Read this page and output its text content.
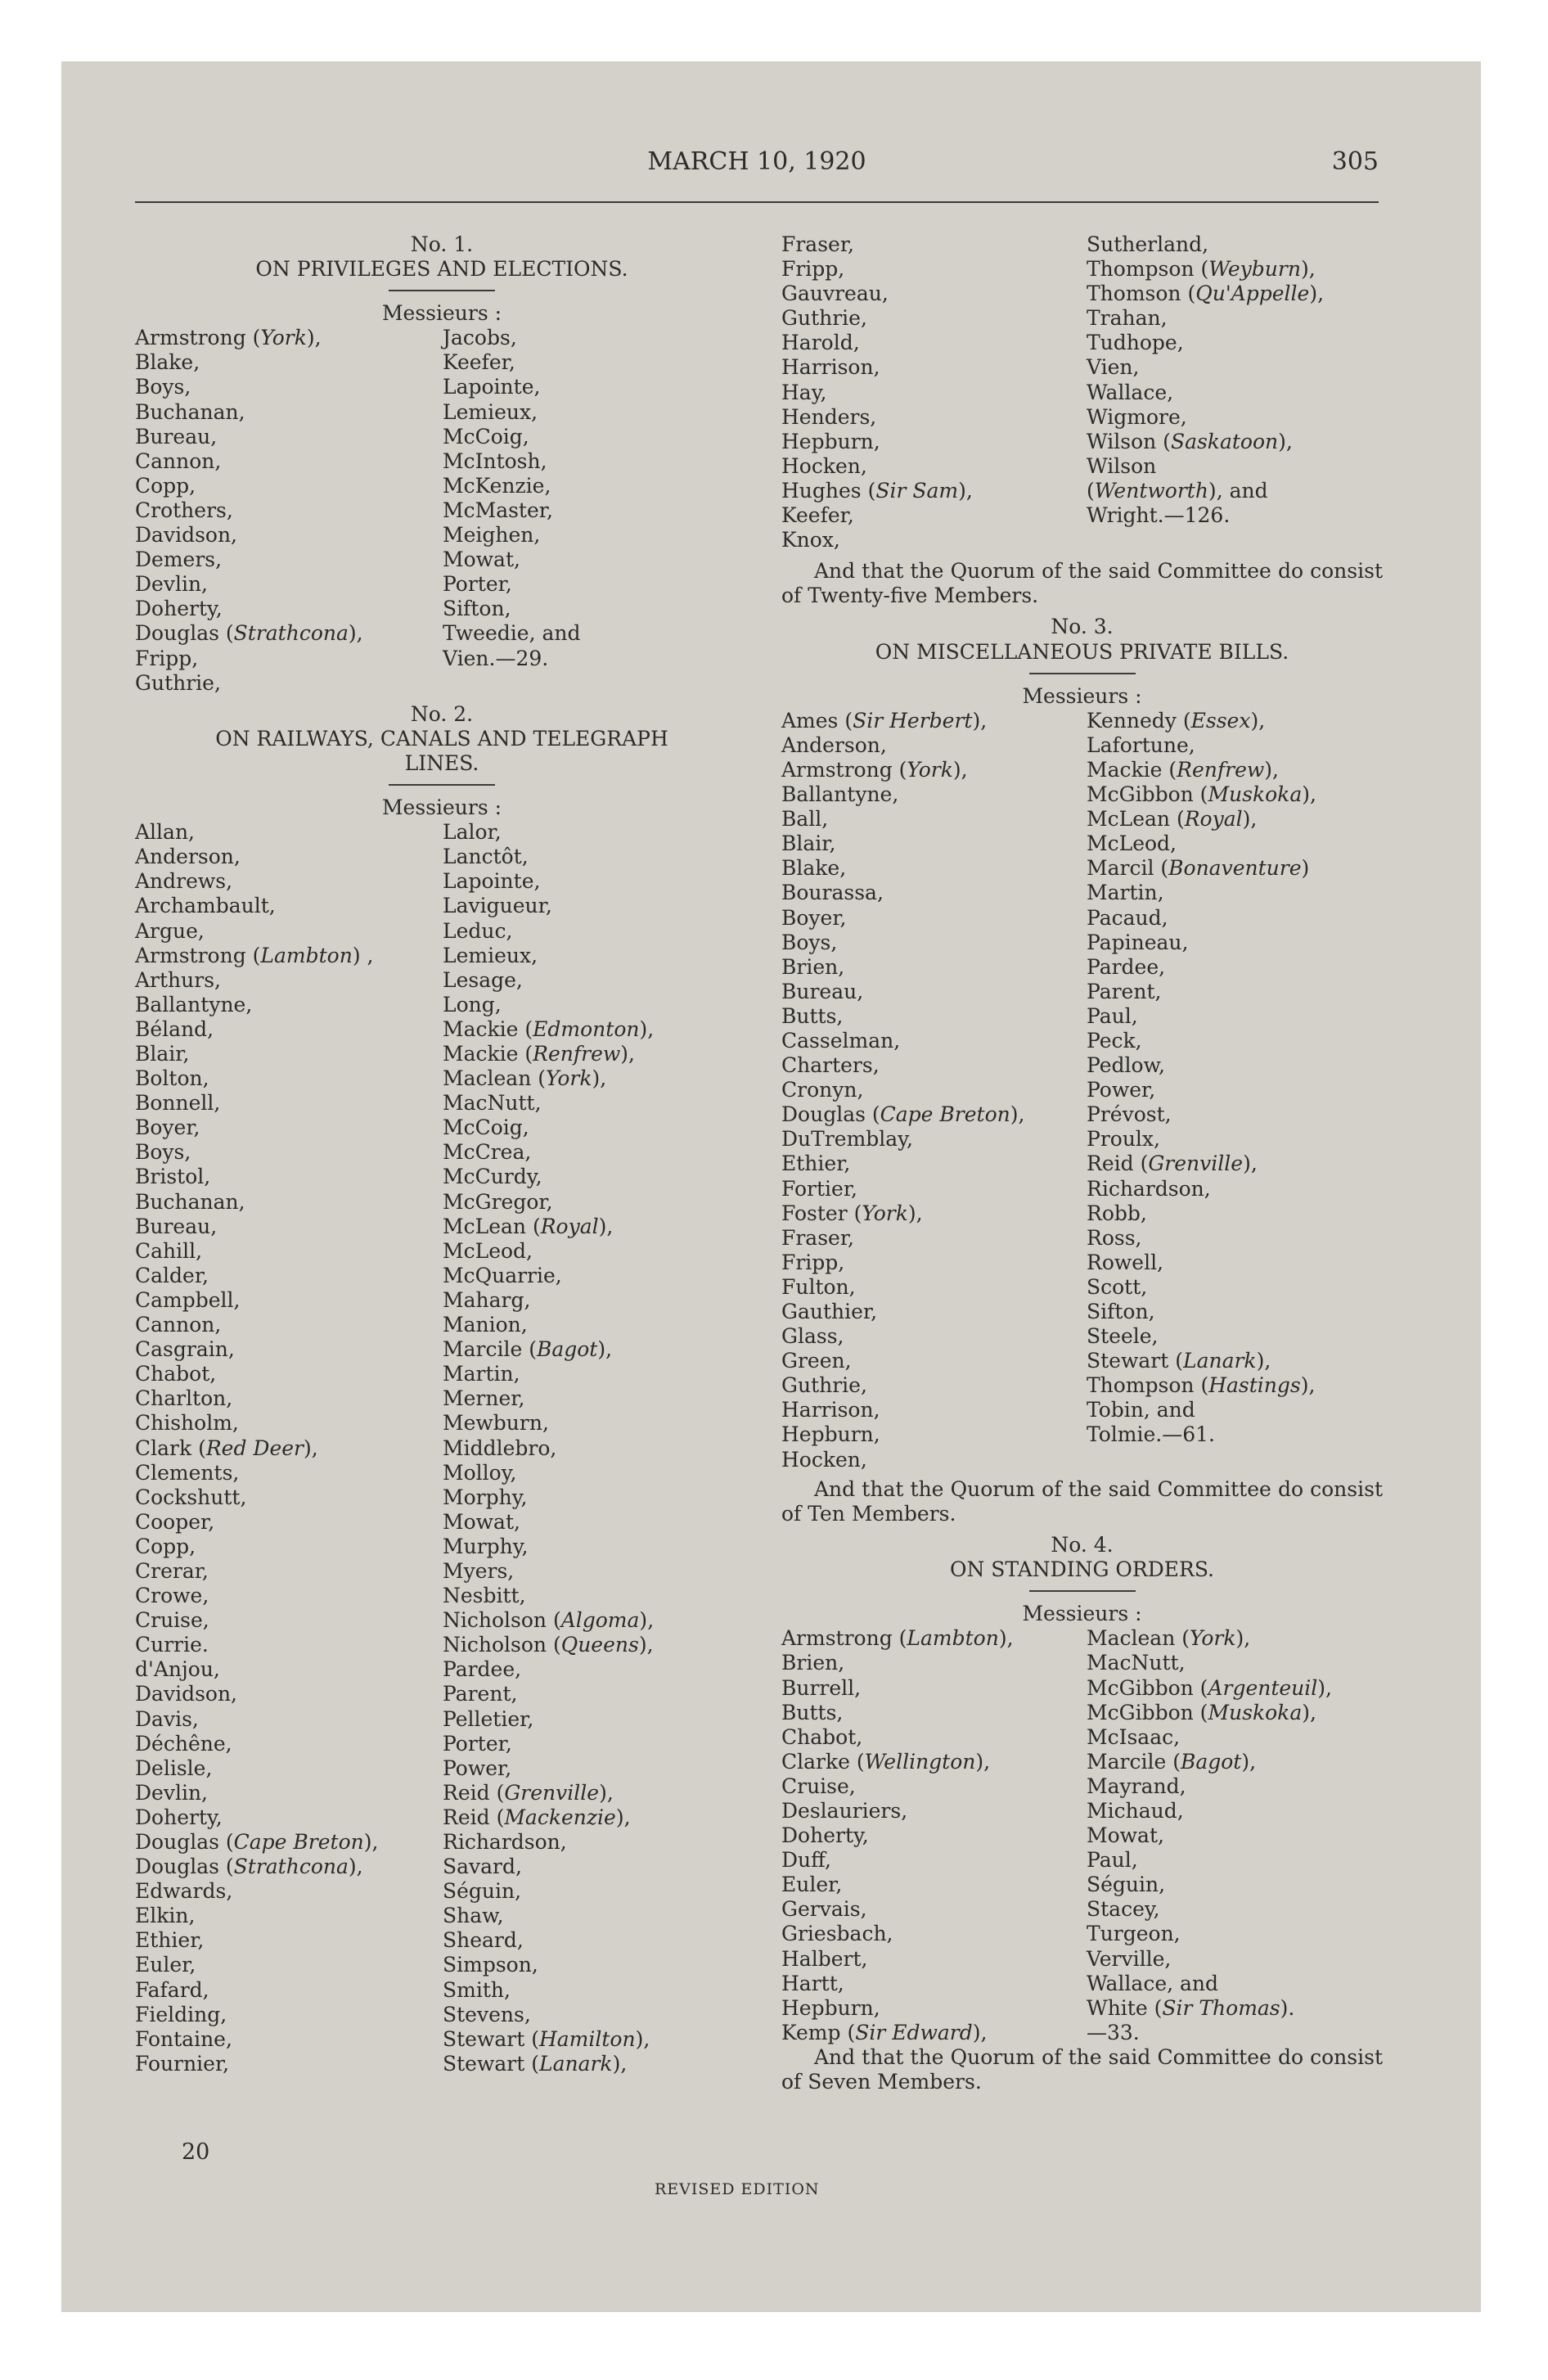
MARCH 10, 1920	305
No. 1.
ON PRIVILEGES AND ELECTIONS.
Messieurs :
Armstrong (York),
Blake,
Boys,
Buchanan,
Bureau,
Cannon,
Copp,
Crothers,
Davidson,
Demers,
Devlin,
Doherty,
Douglas (Strathcona),
Fripp,
Guthrie,
Jacobs,
Keefer,
Lapointe,
Lemieux,
McCoig,
McIntosh,
McKenzie,
McMaster,
Meighen,
Mowat,
Porter,
Sifton,
Tweedie, and
Vien.—29.
No. 2.
ON RAILWAYS, CANALS AND TELEGRAPH
LINES.
Messieurs :
Allan,
Anderson,
Andrews,
Archambault,
Argue,
Armstrong (Lambton) ,
Arthurs,
Ballantyne,
Béland,
Blair,
Bolton,
Bonnell,
Boyer,
Boys,
Bristol,
Buchanan,
Bureau,
Cahill,
Calder,
Campbell,
Cannon,
Casgrain,
Chabot,
Charlton,
Chisholm,
Clark (Red Deer),
Clements,
Cockshutt,
Cooper,
Copp,
Crerar,
Crowe,
Cruise,
Currie.
d'Anjou,
Davidson,
Davis,
Déchêne,
Delisle,
Devlin,
Doherty,
Douglas (Cape Breton),
Douglas (Strathcona),
Edwards,
Elkin,
Ethier,
Euler,
Fafard,
Fielding,
Fontaine,
Fournier,
Lalor,
Lanctôt,
Lapointe,
Lavigueur,
Leduc,
Lemieux,
Lesage,
Long,
Mackie (Edmonton),
Mackie (Renfrew),
Maclean (York),
MacNutt,
McCoig,
McCrea,
McCurdy,
McGregor,
McLean (Royal),
McLeod,
McQuarrie,
Maharg,
Manion,
Marcile (Bagot),
Martin,
Merner,
Mewburn,
Middlebro,
Molloy,
Morphy,
Mowat,
Murphy,
Myers,
Nesbitt,
Nicholson (Algoma),
Nicholson (Queens),
Pardee,
Parent,
Pelletier,
Porter,
Power,
Reid (Grenville),
Reid (Mackenzie),
Richardson,
Savard,
Séguin,
Shaw,
Sheard,
Simpson,
Smith,
Stevens,
Stewart (Hamilton),
Stewart (Lanark),
Fraser,
Fripp,
Gauvreau,
Guthrie,
Harold,
Harrison,
Hay,
Henders,
Hepburn,
Hocken,
Hughes (Sir Sam),
Keefer,
Knox,
Sutherland,
Thompson (Weyburn),
Thomson (Qu'Appelle),
Trahan,
Tudhope,
Vien,
Wallace,
Wigmore,
Wilson (Saskatoon),
Wilson
(Wentworth), and
Wright.—126.
And that the Quorum of the said Committee do consist of Twenty-five Members.
No. 3.
ON MISCELLANEOUS PRIVATE BILLS.
Messieurs :
Ames (Sir Herbert),
Anderson,
Armstrong (York),
Ballantyne,
Ball,
Blair,
Blake,
Bourassa,
Boyer,
Boys,
Brien,
Bureau,
Butts,
Casselman,
Charters,
Cronyn,
Douglas (Cape Breton),
DuTremblay,
Ethier,
Fortier,
Foster (York),
Fraser,
Fripp,
Fulton,
Gauthier,
Glass,
Green,
Guthrie,
Harrison,
Hepburn,
Hocken,
Kennedy (Essex),
Lafortune,
Mackie (Renfrew),
McGibbon (Muskoka),
McLean (Royal),
McLeod,
Marcil (Bonaventure)
Martin,
Pacaud,
Papineau,
Pardee,
Parent,
Paul,
Peck,
Pedlow,
Power,
Prévost,
Proulx,
Reid (Grenville),
Richardson,
Robb,
Ross,
Rowell,
Scott,
Sifton,
Steele,
Stewart (Lanark),
Thompson (Hastings),
Tobin, and
Tolmie.—61.
And that the Quorum of the said Committee do consist of Ten Members.
No. 4.
ON STANDING ORDERS.
Messieurs :
Armstrong (Lambton),
Brien,
Burrell,
Butts,
Chabot,
Clarke (Wellington),
Cruise,
Deslauriers,
Doherty,
Duff,
Euler,
Gervais,
Griesbach,
Halbert,
Hartt,
Hepburn,
Kemp (Sir Edward),
Maclean (York),
MacNutt,
McGibbon (Argenteuil),
McGibbon (Muskoka),
McIsaac,
Marcile (Bagot),
Mayrand,
Michaud,
Mowat,
Paul,
Séguin,
Stacey,
Turgeon,
Verville,
Wallace, and
White (Sir Thomas).
—33.
And that the Quorum of the said Committee do consist of Seven Members.
20
REVISED EDITION
